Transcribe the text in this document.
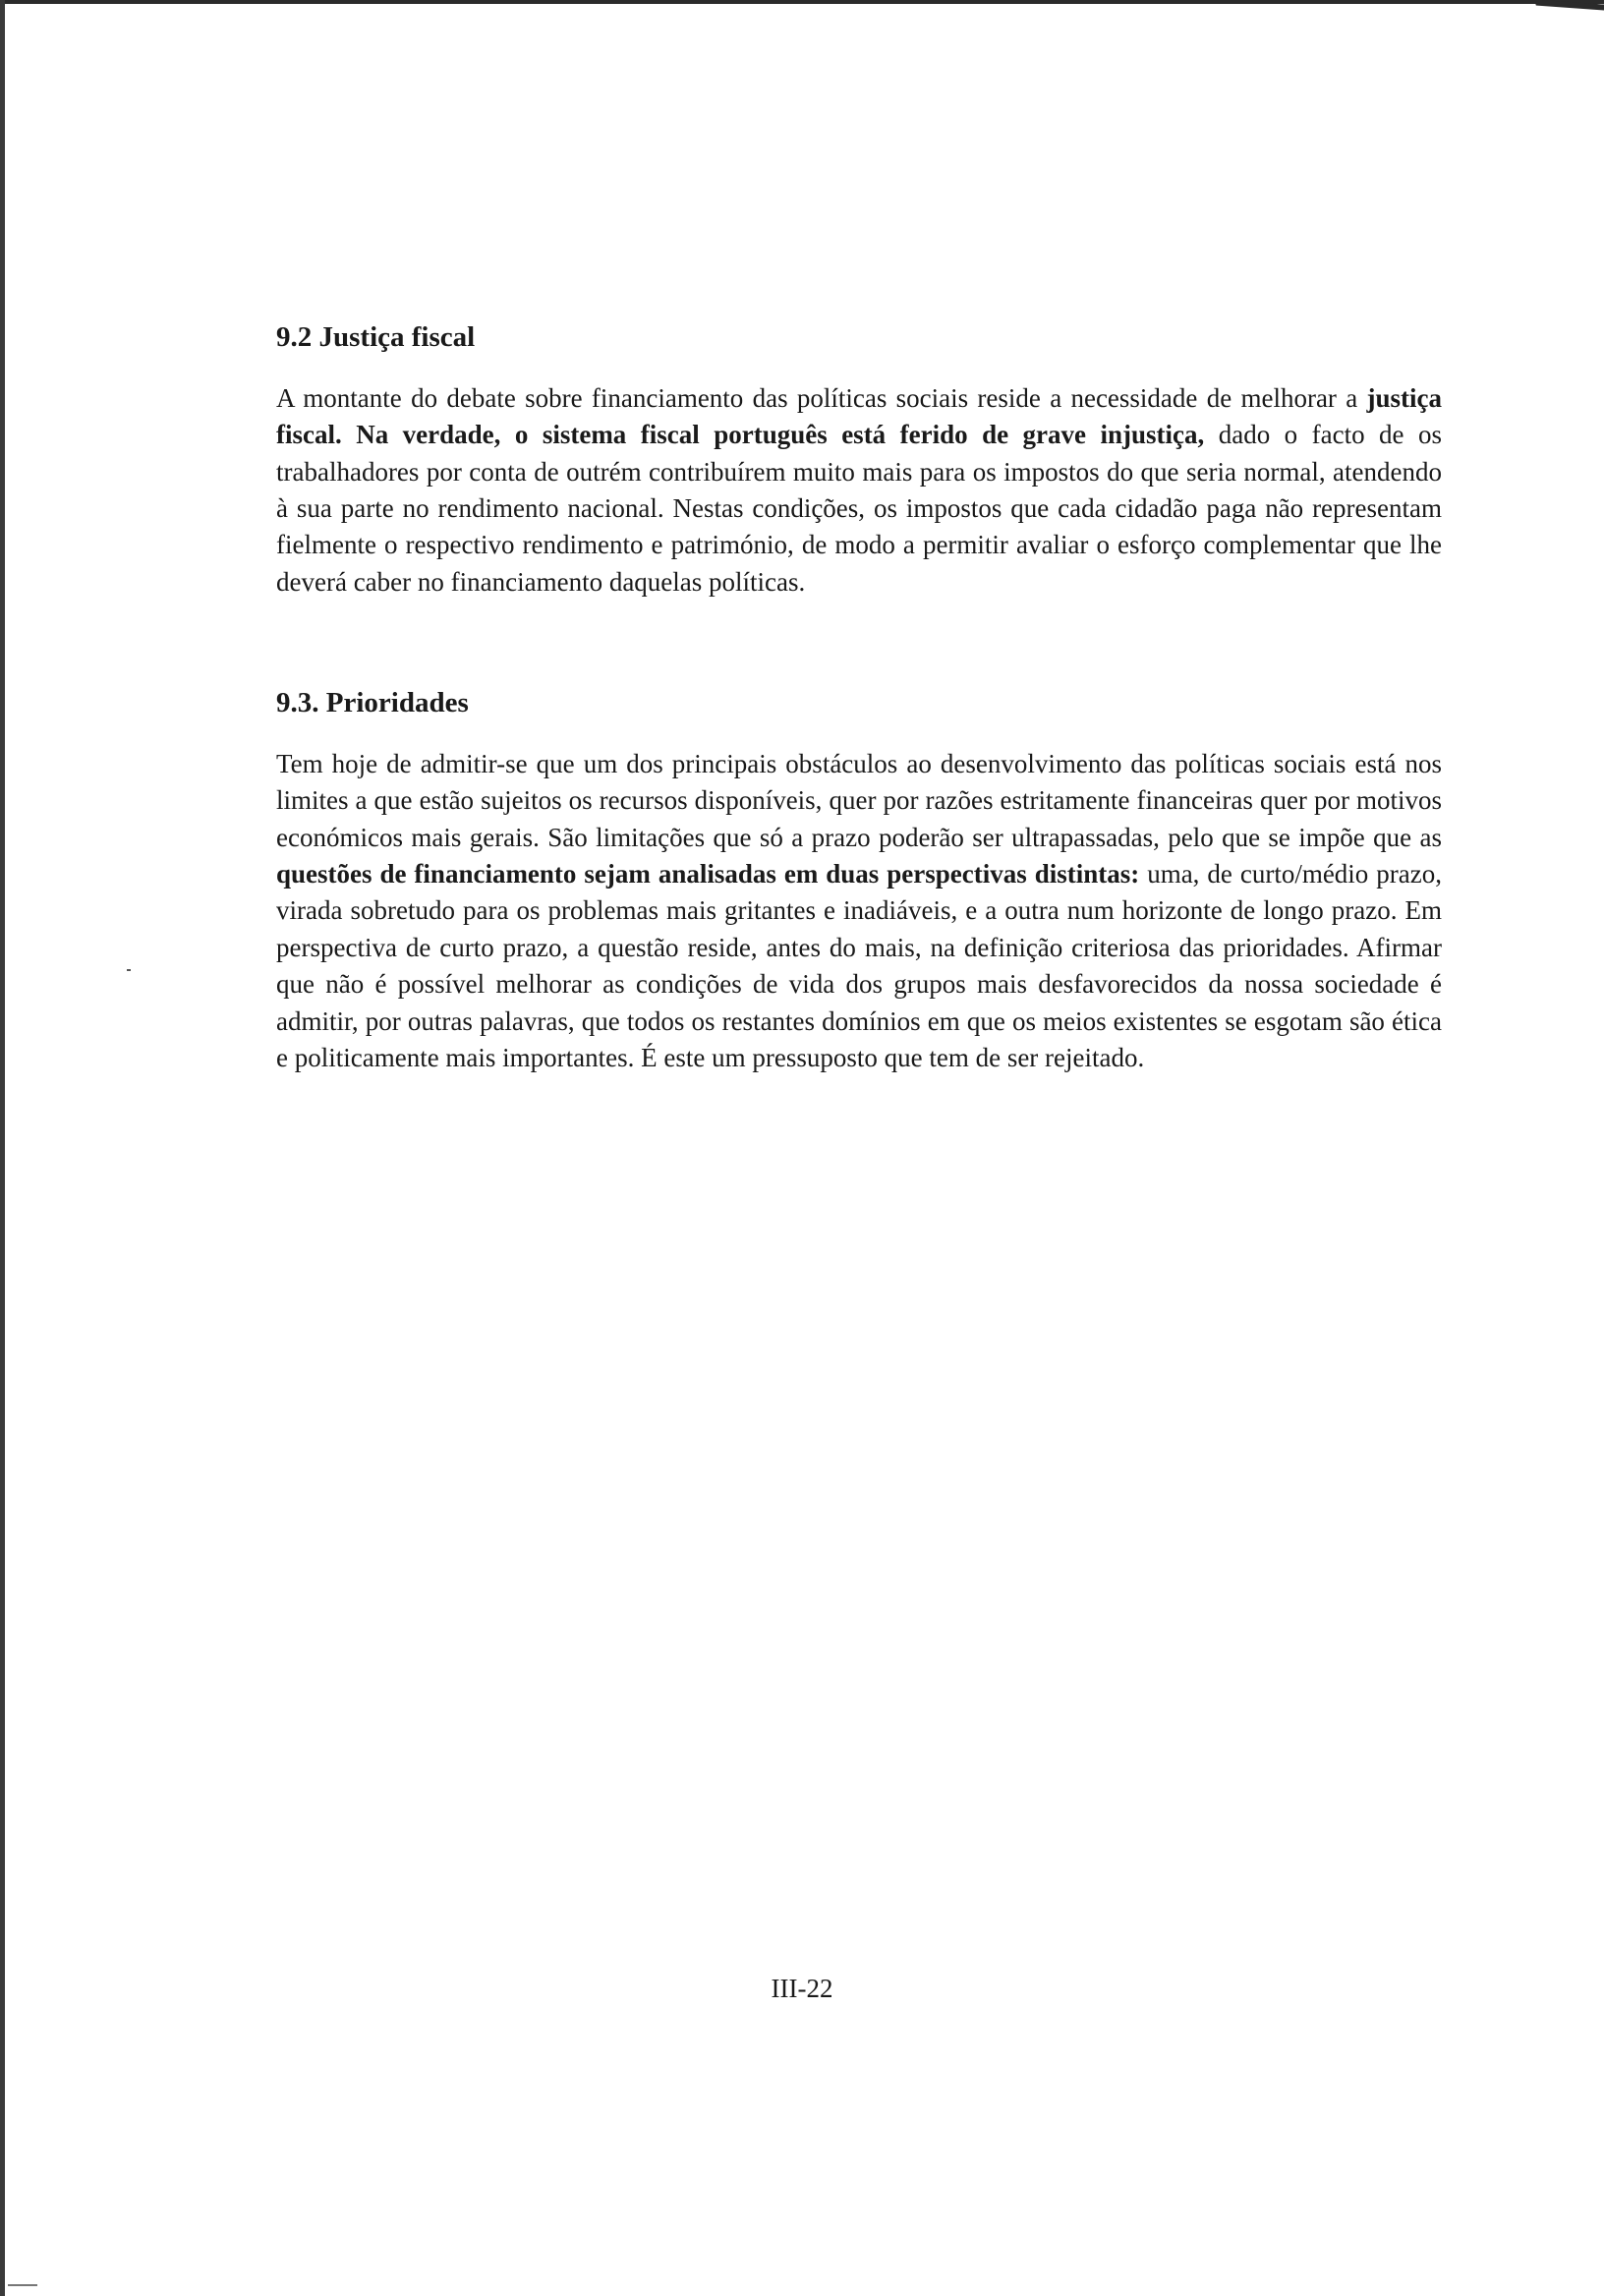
9.2 Justiça fiscal

A montante do debate sobre financiamento das políticas sociais reside a necessidade de melhorar a justiça fiscal. Na verdade, o sistema fiscal português está ferido de grave injustiça, dado o facto de os trabalhadores por conta de outrém contribuírem muito mais para os impostos do que seria normal, atendendo à sua parte no rendimento nacional. Nestas condições, os impostos que cada cidadão paga não representam fielmente o respectivo rendimento e património, de modo a permitir avaliar o esforço complementar que lhe deverá caber no financiamento daquelas políticas.

9.3. Prioridades

Tem hoje de admitir-se que um dos principais obstáculos ao desenvolvimento das políticas sociais está nos limites a que estão sujeitos os recursos disponíveis, quer por razões estritamente financeiras quer por motivos económicos mais gerais. São limitações que só a prazo poderão ser ultrapassadas, pelo que se impõe que as questões de financiamento sejam analisadas em duas perspectivas distintas: uma, de curto/médio prazo, virada sobretudo para os problemas mais gritantes e inadiáveis, e a outra num horizonte de longo prazo. Em perspectiva de curto prazo, a questão reside, antes do mais, na definição criteriosa das prioridades. Afirmar que não é possível melhorar as condições de vida dos grupos mais desfavorecidos da nossa sociedade é admitir, por outras palavras, que todos os restantes domínios em que os meios existentes se esgotam são ética e politicamente mais importantes. É este um pressuposto que tem de ser rejeitado.

III-22
